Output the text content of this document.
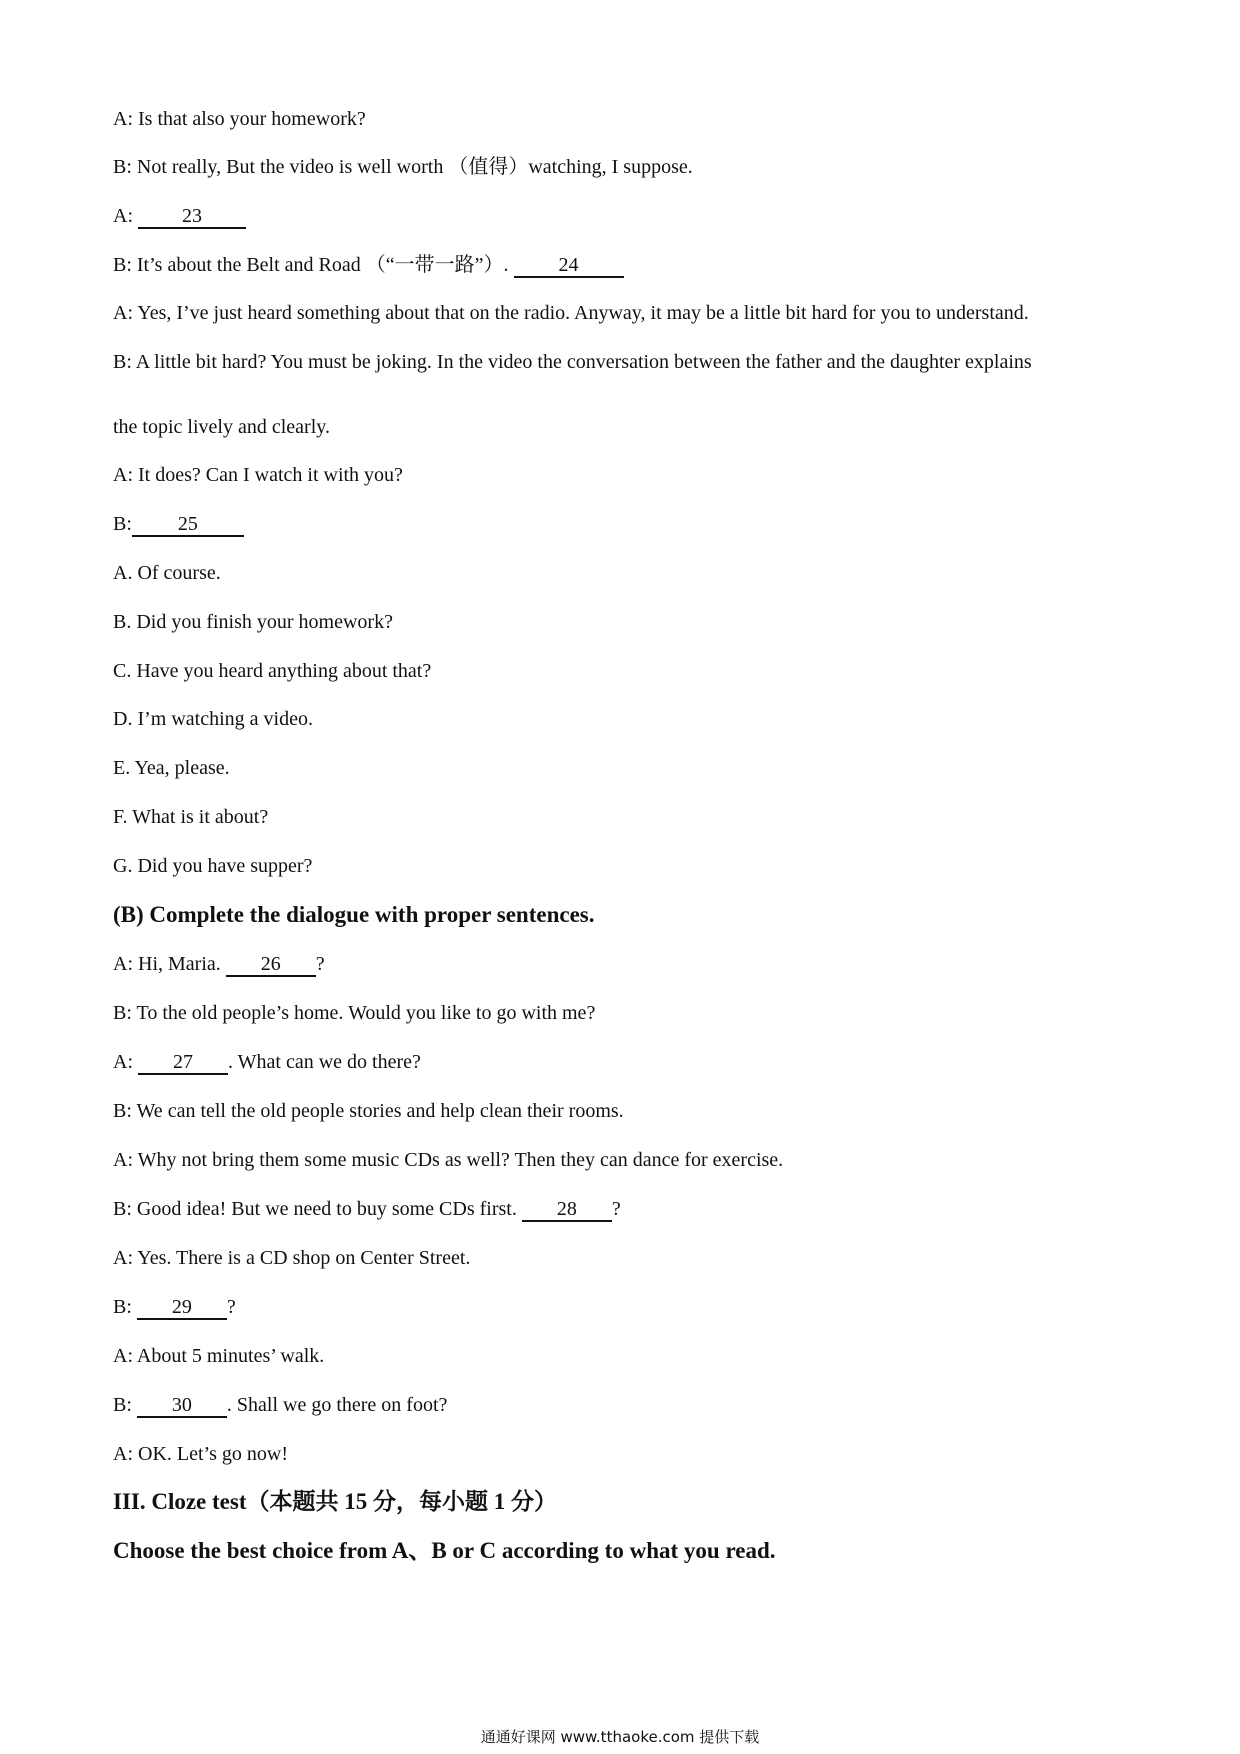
A: Is that also your homework?
B: Not really, But the video is well worth （值得）watching, I suppose.
A: 23
B: It’s about the Belt and Road （“一带一路”）. 24
A: Yes, I’ve just heard something about that on the radio. Anyway, it may be a little bit hard for you to understand.
B: A little bit hard? You must be joking. In the video the conversation between the father and the daughter explains
the topic lively and clearly.
A: It does? Can I watch it with you?
B: 25
A. Of course.
B. Did you finish your homework?
C. Have you heard anything about that?
D. I’m watching a video.
E. Yea, please.
F. What is it about?
G. Did you have supper?
(B) Complete the dialogue with proper sentences.
A: Hi, Maria. 26 ?
B: To the old people’s home. Would you like to go with me?
A: 27 . What can we do there?
B: We can tell the old people stories and help clean their rooms.
A: Why not bring them some music CDs as well? Then they can dance for exercise.
B: Good idea! But we need to buy some CDs first. 28 ?
A: Yes. There is a CD shop on Center Street.
B: 29 ?
A: About 5 minutes’ walk.
B: 30 . Shall we go there on foot?
A: OK. Let’s go now!
III. Cloze test（本题共 15 分，每小题 1 分）
Choose the best choice from A、B or C according to what you read.
通通好课网 www.tthaoke.com 提供下载
